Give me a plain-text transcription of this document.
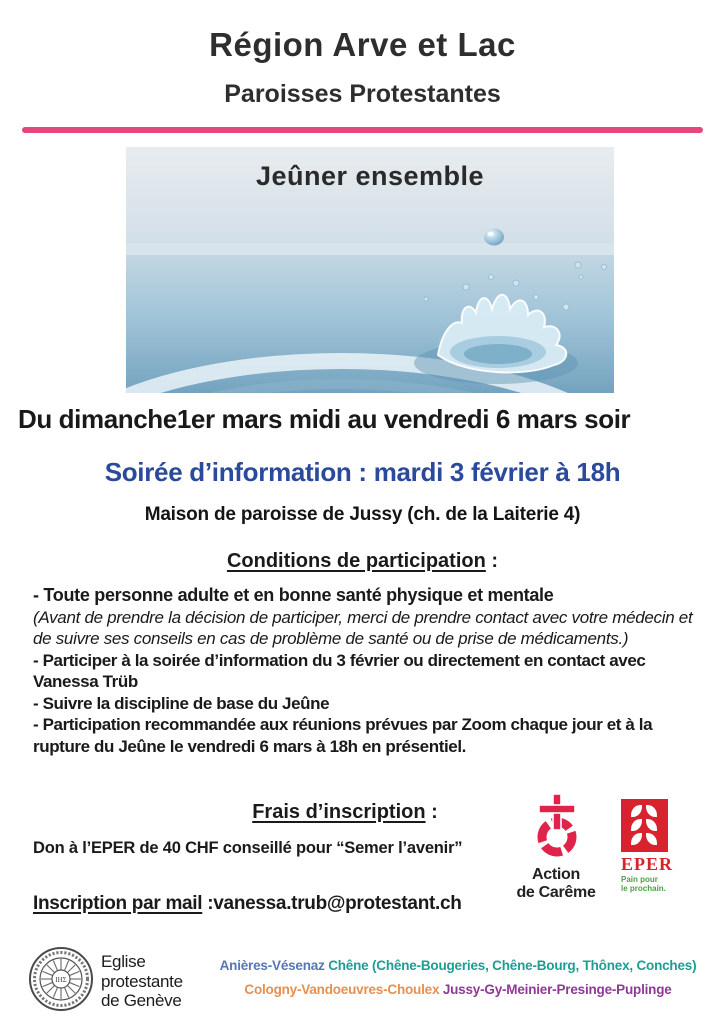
Région Arve et Lac
Paroisses Protestantes
Jeûner ensemble
Du dimanche1er mars midi au vendredi 6 mars soir
Soirée d’information : mardi 3 février à 18h
Maison de paroisse de Jussy (ch. de la Laiterie 4)
Conditions de participation :

- Toute personne adulte et en bonne santé physique et mentale

(Avant de prendre la décision de participer, merci de prendre contact avec votre médecin et de suivre ses conseils en cas de problème de santé ou de prise de médicaments.)

- Participer à la soirée d’information du 3 février ou directement en contact avec Vanessa Trüb

- Suivre la discipline de base du Jeûne

- Participation recommandée aux réunions prévues par Zoom chaque jour et à la rupture du Jeûne le vendredi 6 mars à 18h en présentiel.

Frais d’inscription :
Don à l’EPER de 40 CHF conseillé pour “Semer l’avenir”
Action
de Carême
EPER
Pain pour
le prochain.
Inscription par mail :vanessa.trub@protestant.ch
IHΣ
Eglise
protestante
de Genève
Anières-Vésenaz Chêne (Chêne-Bougeries, Chêne-Bourg, Thônex, Conches)
Cologny-Vandoeuvres-Choulex Jussy-Gy-Meinier-Presinge-Puplinge
